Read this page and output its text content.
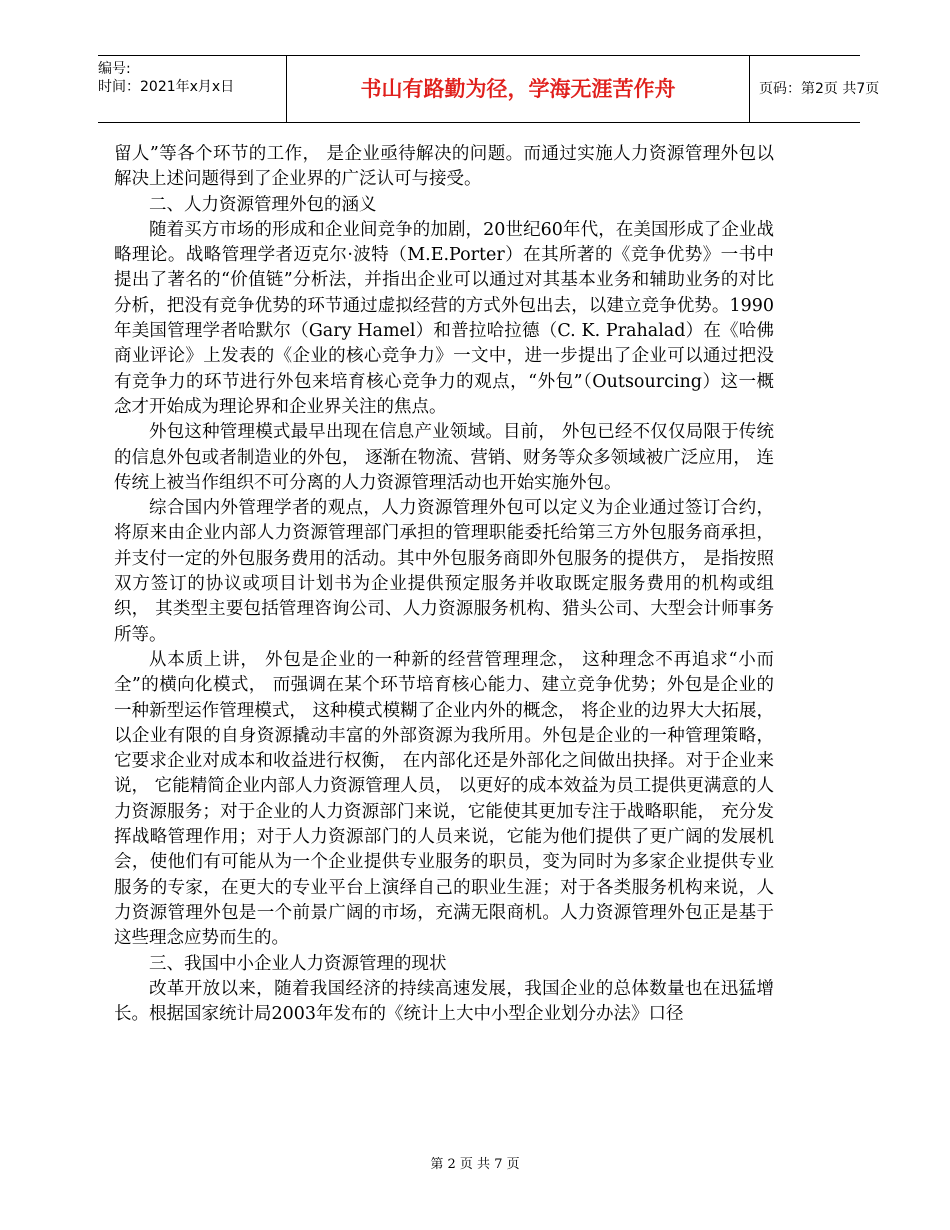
编号:
时间：2021年x月x日	书山有路勤为径，学海无涯苦作舟	页码：第2页 共7页

留人”等各个环节的工作， 是企业亟待解决的问题。而通过实施人力资源管理外包以解决上述问题得到了企业界的广泛认可与接受。

二、人力资源管理外包的涵义

随着买方市场的形成和企业间竞争的加剧，20世纪60年代，在美国形成了企业战略理论。战略管理学者迈克尔·波特（M.E.Porter）在其所著的《竞争优势》一书中提出了著名的“价值链”分析法，并指出企业可以通过对其基本业务和辅助业务的对比分析，把没有竞争优势的环节通过虚拟经营的方式外包出去，以建立竞争优势。1990 年美国管理学者哈默尔（Gary Hamel）和普拉哈拉德（C. K. Prahalad）在《哈佛商业评论》上发表的《企业的核心竞争力》一文中，进一步提出了企业可以通过把没有竞争力的环节进行外包来培育核心竞争力的观点，“外包”（Outsourcing）这一概念才开始成为理论界和企业界关注的焦点。

外包这种管理模式最早出现在信息产业领域。目前， 外包已经不仅仅局限于传统的信息外包或者制造业的外包， 逐渐在物流、营销、财务等众多领域被广泛应用， 连传统上被当作组织不可分离的人力资源管理活动也开始实施外包。

综合国内外管理学者的观点，人力资源管理外包可以定义为企业通过签订合约，将原来由企业内部人力资源管理部门承担的管理职能委托给第三方外包服务商承担，并支付一定的外包服务费用的活动。其中外包服务商即外包服务的提供方， 是指按照双方签订的协议或项目计划书为企业提供预定服务并收取既定服务费用的机构或组织， 其类型主要包括管理咨询公司、人力资源服务机构、猎头公司、大型会计师事务所等。

从本质上讲， 外包是企业的一种新的经营管理理念， 这种理念不再追求“小而全”的横向化模式， 而强调在某个环节培育核心能力、建立竞争优势；外包是企业的一种新型运作管理模式， 这种模式模糊了企业内外的概念， 将企业的边界大大拓展， 以企业有限的自身资源撬动丰富的外部资源为我所用。外包是企业的一种管理策略， 它要求企业对成本和收益进行权衡， 在内部化还是外部化之间做出抉择。对于企业来说， 它能精简企业内部人力资源管理人员， 以更好的成本效益为员工提供更满意的人力资源服务；对于企业的人力资源部门来说，它能使其更加专注于战略职能， 充分发挥战略管理作用；对于人力资源部门的人员来说，它能为他们提供了更广阔的发展机会，使他们有可能从为一个企业提供专业服务的职员，变为同时为多家企业提供专业服务的专家，在更大的专业平台上演绎自己的职业生涯；对于各类服务机构来说，人力资源管理外包是一个前景广阔的市场，充满无限商机。人力资源管理外包正是基于这些理念应势而生的。

三、我国中小企业人力资源管理的现状

改革开放以来，随着我国经济的持续高速发展，我国企业的总体数量也在迅猛增长。根据国家统计局2003年发布的《统计上大中小型企业划分办法》口径

第 2 页 共 7 页
